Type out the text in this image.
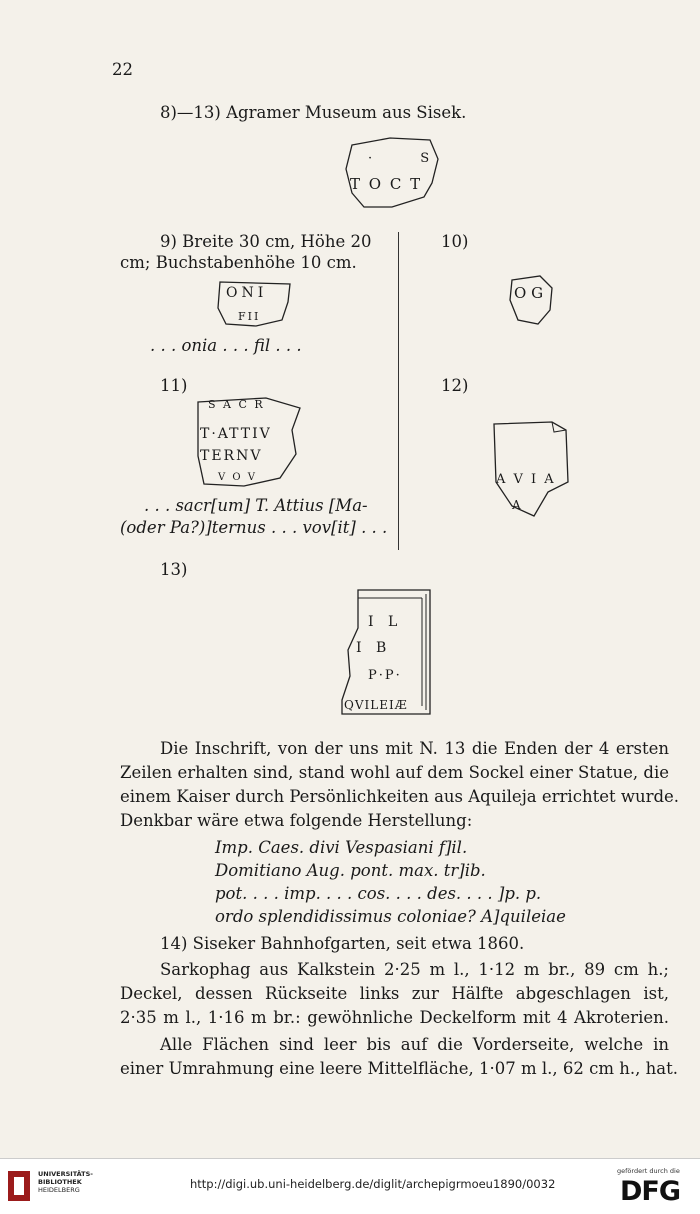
22
8)—13) Agramer Museum aus Sisek.
· S
T O C T
9) Breite 30 cm, Höhe 20
cm; Buchstabenhöhe 10 cm.
ONI
FII
. . . onia . . . fil . . .
10)
O G
11)
S A C R
T·ATTIV
TERNV
V O V
. . . sacr[um] T. Attius [Ma-
(oder Pa?)]ternus . . . vov[it] . . .
12)
A V I A
A
13)
I L
I B
P·P·
QVILEIÆ
Die Inschrift, von der uns mit N. 13 die Enden der 4 ersten
Zeilen erhalten sind, stand wohl auf dem Sockel einer Statue, die
einem Kaiser durch Persönlichkeiten aus Aquileja errichtet wurde.
Denkbar wäre etwa folgende Herstellung:
Imp. Caes. divi Vespasiani f]il.
Domitiano Aug. pont. max. tr]ib.
pot. . . . imp. . . . cos. . . . des. . . . ]p. p.
ordo splendidissimus coloniae? A]quileiae
14) Siseker Bahnhofgarten, seit etwa 1860.
Sarkophag aus Kalkstein 2·25 m l., 1·12 m br., 89 cm h.;
Deckel, dessen Rückseite links zur Hälfte abgeschlagen ist,
2·35 m l., 1·16 m br.: gewöhnliche Deckelform mit 4 Akroterien.
Alle Flächen sind leer bis auf die Vorderseite, welche in
einer Umrahmung eine leere Mittelfläche, 1·07 m l., 62 cm h., hat.
UNIVERSITÄTS-
BIBLIOTHEK
HEIDELBERG	http://digi.ub.uni-heidelberg.de/diglit/archepigrmoeu1890/0032
gefördert durch die
DFG
